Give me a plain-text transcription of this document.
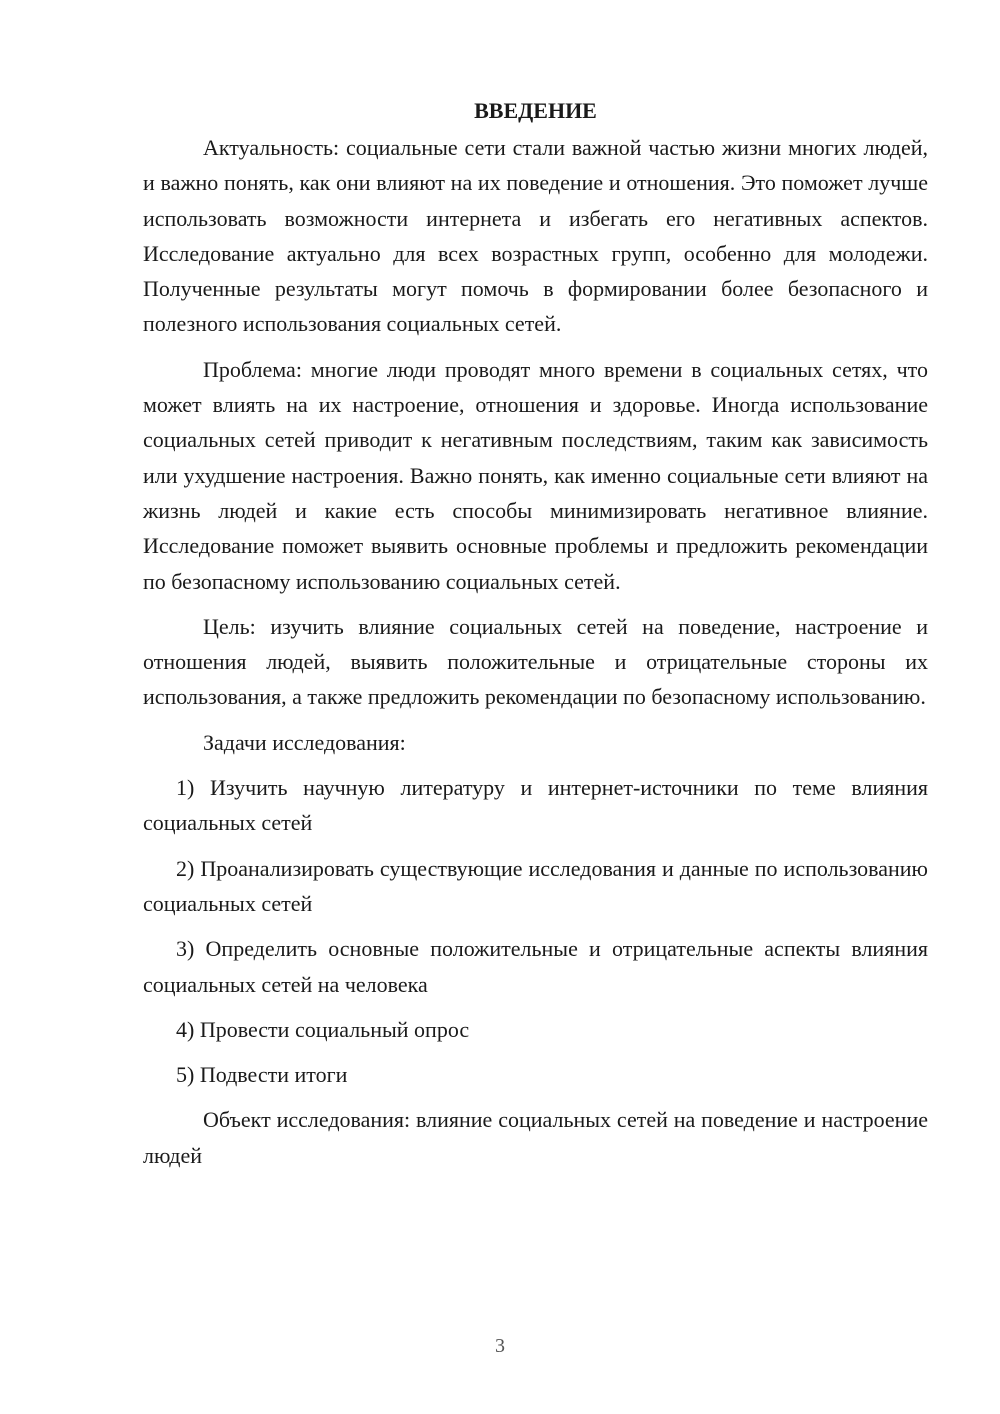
ВВЕДЕНИЕ

Актуальность: социальные сети стали важной частью жизни многих людей, и важно понять, как они влияют на их поведение и отношения. Это поможет лучше использовать возможности интернета и избегать его негативных аспектов. Исследование актуально для всех возрастных групп, особенно для молодежи. Полученные результаты могут помочь в формировании более безопасного и полезного использования социальных сетей.

Проблема: многие люди проводят много времени в социальных сетях, что может влиять на их настроение, отношения и здоровье. Иногда использование социальных сетей приводит к негативным последствиям, таким как зависимость или ухудшение настроения. Важно понять, как именно социальные сети влияют на жизнь людей и какие есть способы минимизировать негативное влияние. Исследование поможет выявить основные проблемы и предложить рекомендации по безопасному использованию социальных сетей.

Цель: изучить влияние социальных сетей на поведение, настроение и отношения людей, выявить положительные и отрицательные стороны их использования, а также предложить рекомендации по безопасному использованию.

Задачи исследования:

1) Изучить научную литературу и интернет-источники по теме влияния социальных сетей

2) Проанализировать существующие исследования и данные по использованию социальных сетей

3) Определить основные положительные и отрицательные аспекты влияния социальных сетей на человека

4) Провести социальный опрос

5) Подвести итоги

Объект исследования: влияние социальных сетей на поведение и настроение людей

3
